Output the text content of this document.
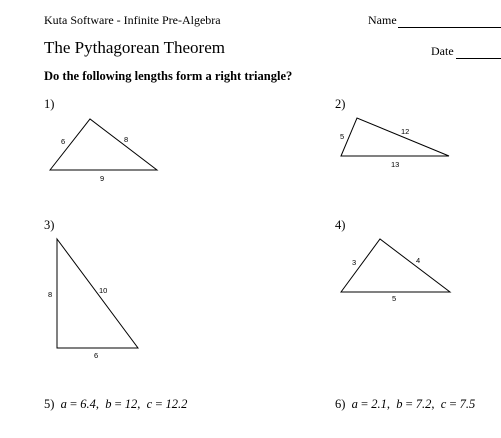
Kuta Software - Infinite Pre-Algebra	Name
The Pythagorean Theorem	Date
Do the following lengths form a right triangle?
1)	2)
3)	4)
6	8
9
5
12
13
8	10
6
3	4
5
5) a = 6.4,  b = 12,  c = 12.2	6) a = 2.1,  b = 7.2,  c = 7.5
